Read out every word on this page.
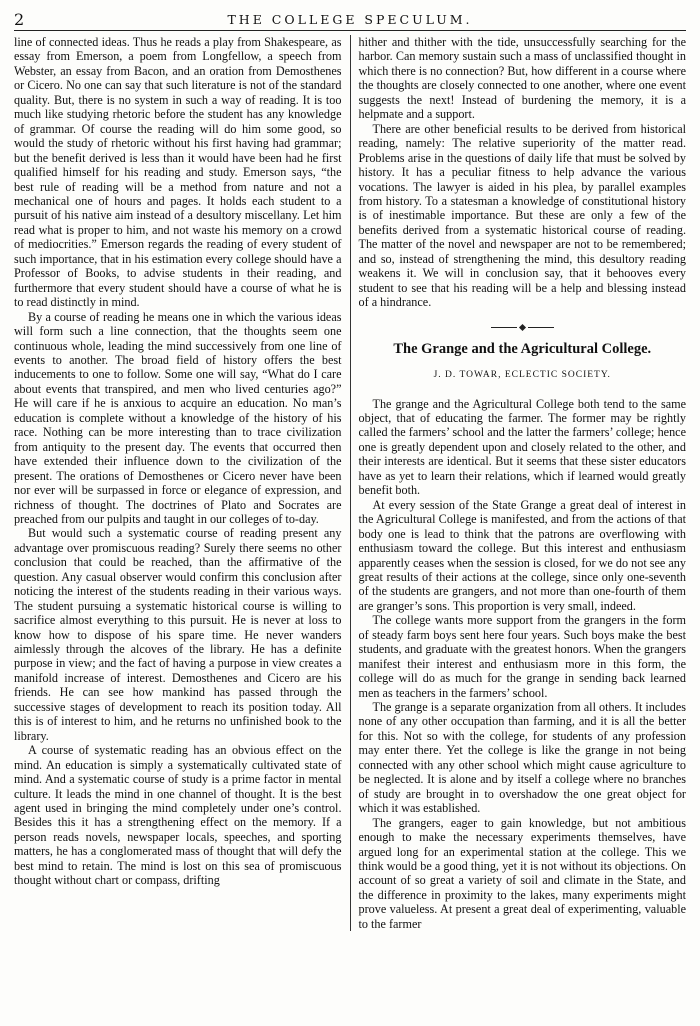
2	THE COLLEGE SPECULUM.

line of connected ideas. Thus he reads a play from Shakespeare, as essay from Emerson, a poem from Longfellow, a speech from Webster, an essay from Bacon, and an oration from Demosthenes or Cicero. No one can say that such literature is not of the standard quality. But, there is no system in such a way of reading. It is too much like studying rhetoric before the student has any knowledge of grammar. Of course the reading will do him some good, so would the study of rhetoric without his first having had grammar; but the benefit derived is less than it would have been had he first qualified himself for his reading and study. Emerson says, “the best rule of reading will be a method from nature and not a mechanical one of hours and pages. It holds each student to a pursuit of his native aim instead of a desultory miscellany. Let him read what is proper to him, and not waste his memory on a crowd of mediocrities.” Emerson regards the reading of every student of such importance, that in his estimation every college should have a Professor of Books, to advise students in their reading, and furthermore that every student should have a course of what he is to read distinctly in mind.

By a course of reading he means one in which the various ideas will form such a line connection, that the thoughts seem one continuous whole, leading the mind successively from one line of events to another. The broad field of history offers the best inducements to one to follow. Some one will say, “What do I care about events that transpired, and men who lived centuries ago?” He will care if he is anxious to acquire an education. No man’s education is complete without a knowledge of the history of his race. Nothing can be more interesting than to trace civilization from antiquity to the present day. The events that occurred then have extended their influence down to the civilization of the present. The orations of Demosthenes or Cicero never have been nor ever will be surpassed in force or elegance of expression, and richness of thought. The doctrines of Plato and Socrates are preached from our pulpits and taught in our colleges of to-day.

But would such a systematic course of reading present any advantage over promiscuous reading? Surely there seems no other conclusion that could be reached, than the affirmative of the question. Any casual observer would confirm this conclusion after noticing the interest of the students reading in their various ways. The student pursuing a systematic historical course is willing to sacrifice almost everything to this pursuit. He is never at loss to know how to dispose of his spare time. He never wanders aimlessly through the alcoves of the library. He has a definite purpose in view; and the fact of having a purpose in view creates a manifold increase of interest. Demosthenes and Cicero are his friends. He can see how mankind has passed through the successive stages of development to reach its position today. All this is of interest to him, and he returns no unfinished book to the library.

A course of systematic reading has an obvious effect on the mind. An education is simply a systematically cultivated state of mind. And a systematic course of study is a prime factor in mental culture. It leads the mind in one channel of thought. It is the best agent used in bringing the mind completely under one’s control. Besides this it has a strengthening effect on the memory. If a person reads novels, newspaper locals, speeches, and sporting matters, he has a conglomerated mass of thought that will defy the best mind to retain. The mind is lost on this sea of promiscuous thought without chart or compass, drifting

hither and thither with the tide, unsuccessfully searching for the harbor. Can memory sustain such a mass of unclassified thought in which there is no connection? But, how different in a course where the thoughts are closely connected to one another, where one event suggests the next! Instead of burdening the memory, it is a helpmate and a support.

There are other beneficial results to be derived from historical reading, namely: The relative superiority of the matter read. Problems arise in the questions of daily life that must be solved by history. It has a peculiar fitness to help advance the various vocations. The lawyer is aided in his plea, by parallel examples from history. To a statesman a knowledge of constitutional history is of inestimable importance. But these are only a few of the benefits derived from a systematic historical course of reading. The matter of the novel and newspaper are not to be remembered; and so, instead of strengthening the mind, this desultory reading weakens it. We will in conclusion say, that it behooves every student to see that his reading will be a help and blessing instead of a hindrance.

The Grange and the Agricultural College.
J. D. TOWAR, ECLECTIC SOCIETY.

The grange and the Agricultural College both tend to the same object, that of educating the farmer. The former may be rightly called the farmers’ school and the latter the farmers’ college; hence one is greatly dependent upon and closely related to the other, and their interests are identical. But it seems that these sister educators have as yet to learn their relations, which if learned would greatly benefit both.

At every session of the State Grange a great deal of interest in the Agricultural College is manifested, and from the actions of that body one is lead to think that the patrons are overflowing with enthusiasm toward the college. But this interest and enthusiasm apparently ceases when the session is closed, for we do not see any great results of their actions at the college, since only one-seventh of the students are grangers, and not more than one-fourth of them are granger’s sons. This proportion is very small, indeed.

The college wants more support from the grangers in the form of steady farm boys sent here four years. Such boys make the best students, and graduate with the greatest honors. When the grangers manifest their interest and enthusiasm more in this form, the college will do as much for the grange in sending back learned men as teachers in the farmers’ school.

The grange is a separate organization from all others. It includes none of any other occupation than farming, and it is all the better for this. Not so with the college, for students of any profession may enter there. Yet the college is like the grange in not being connected with any other school which might cause agriculture to be neglected. It is alone and by itself a college where no branches of study are brought in to overshadow the one great object for which it was established.

The grangers, eager to gain knowledge, but not ambitious enough to make the necessary experiments themselves, have argued long for an experimental station at the college. This we think would be a good thing, yet it is not without its objections. On account of so great a variety of soil and climate in the State, and the difference in proximity to the lakes, many experiments might prove valueless. At present a great deal of experimenting, valuable to the farmer
